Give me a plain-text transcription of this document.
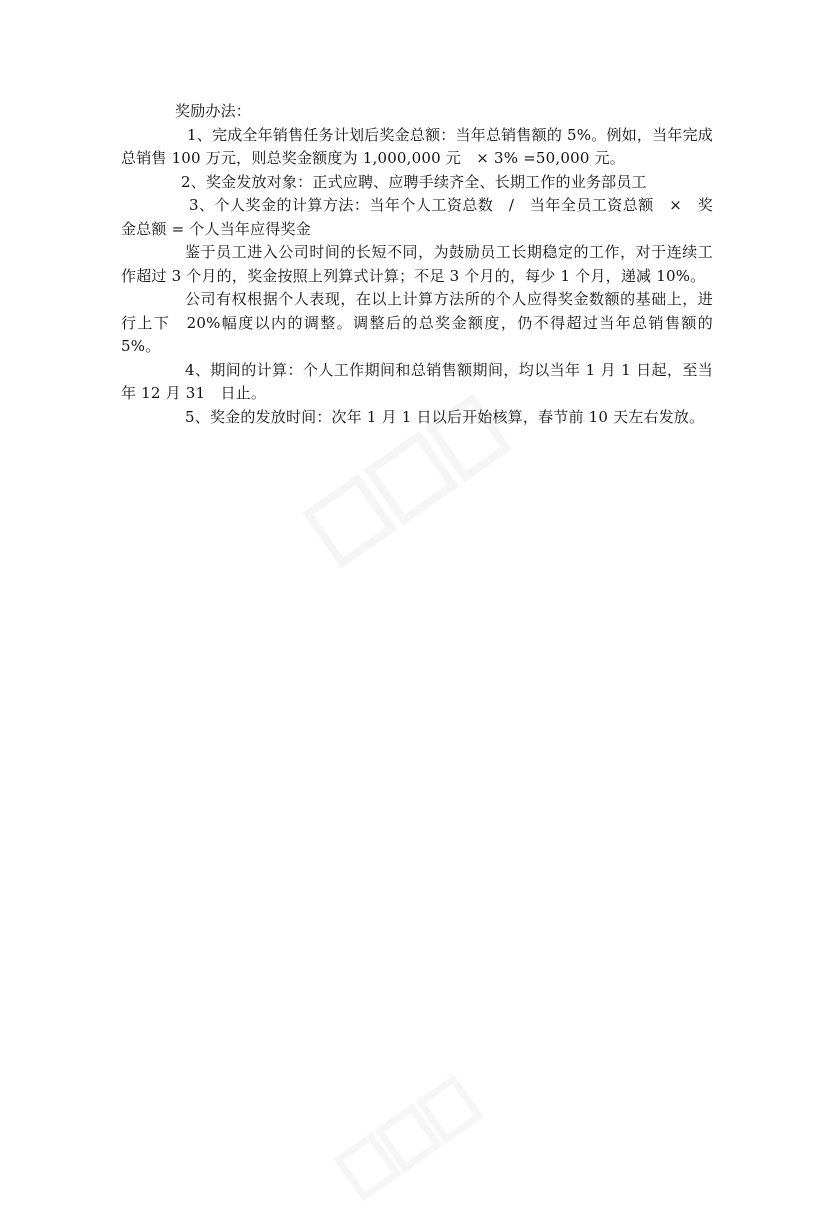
奖励办法：

1、完成全年销售任务计划后奖金总额：当年总销售额的 5%。例如，当年完成总销售 100 万元，则总奖金额度为 1,000,000 元　× 3% =50,000 元。

2、奖金发放对象：正式应聘、应聘手续齐全、长期工作的业务部员工

3、个人奖金的计算方法：当年个人工资总数　/　当年全员工资总额　×　奖金总额 = 个人当年应得奖金

鉴于员工进入公司时间的长短不同，为鼓励员工长期稳定的工作，对于连续工作超过 3 个月的，奖金按照上列算式计算；不足 3 个月的，每少 1 个月，递减 10%。

公司有权根据个人表现，在以上计算方法所的个人应得奖金数额的基础上，进行上下　20%幅度以内的调整。调整后的总奖金额度，仍不得超过当年总销售额的 5%。

4、期间的计算：个人工作期间和总销售额期间，均以当年 1 月 1 日起，至当年 12 月 31　日止。

5、奖金的发放时间：次年 1 月 1 日以后开始核算，春节前 10 天左右发放。
